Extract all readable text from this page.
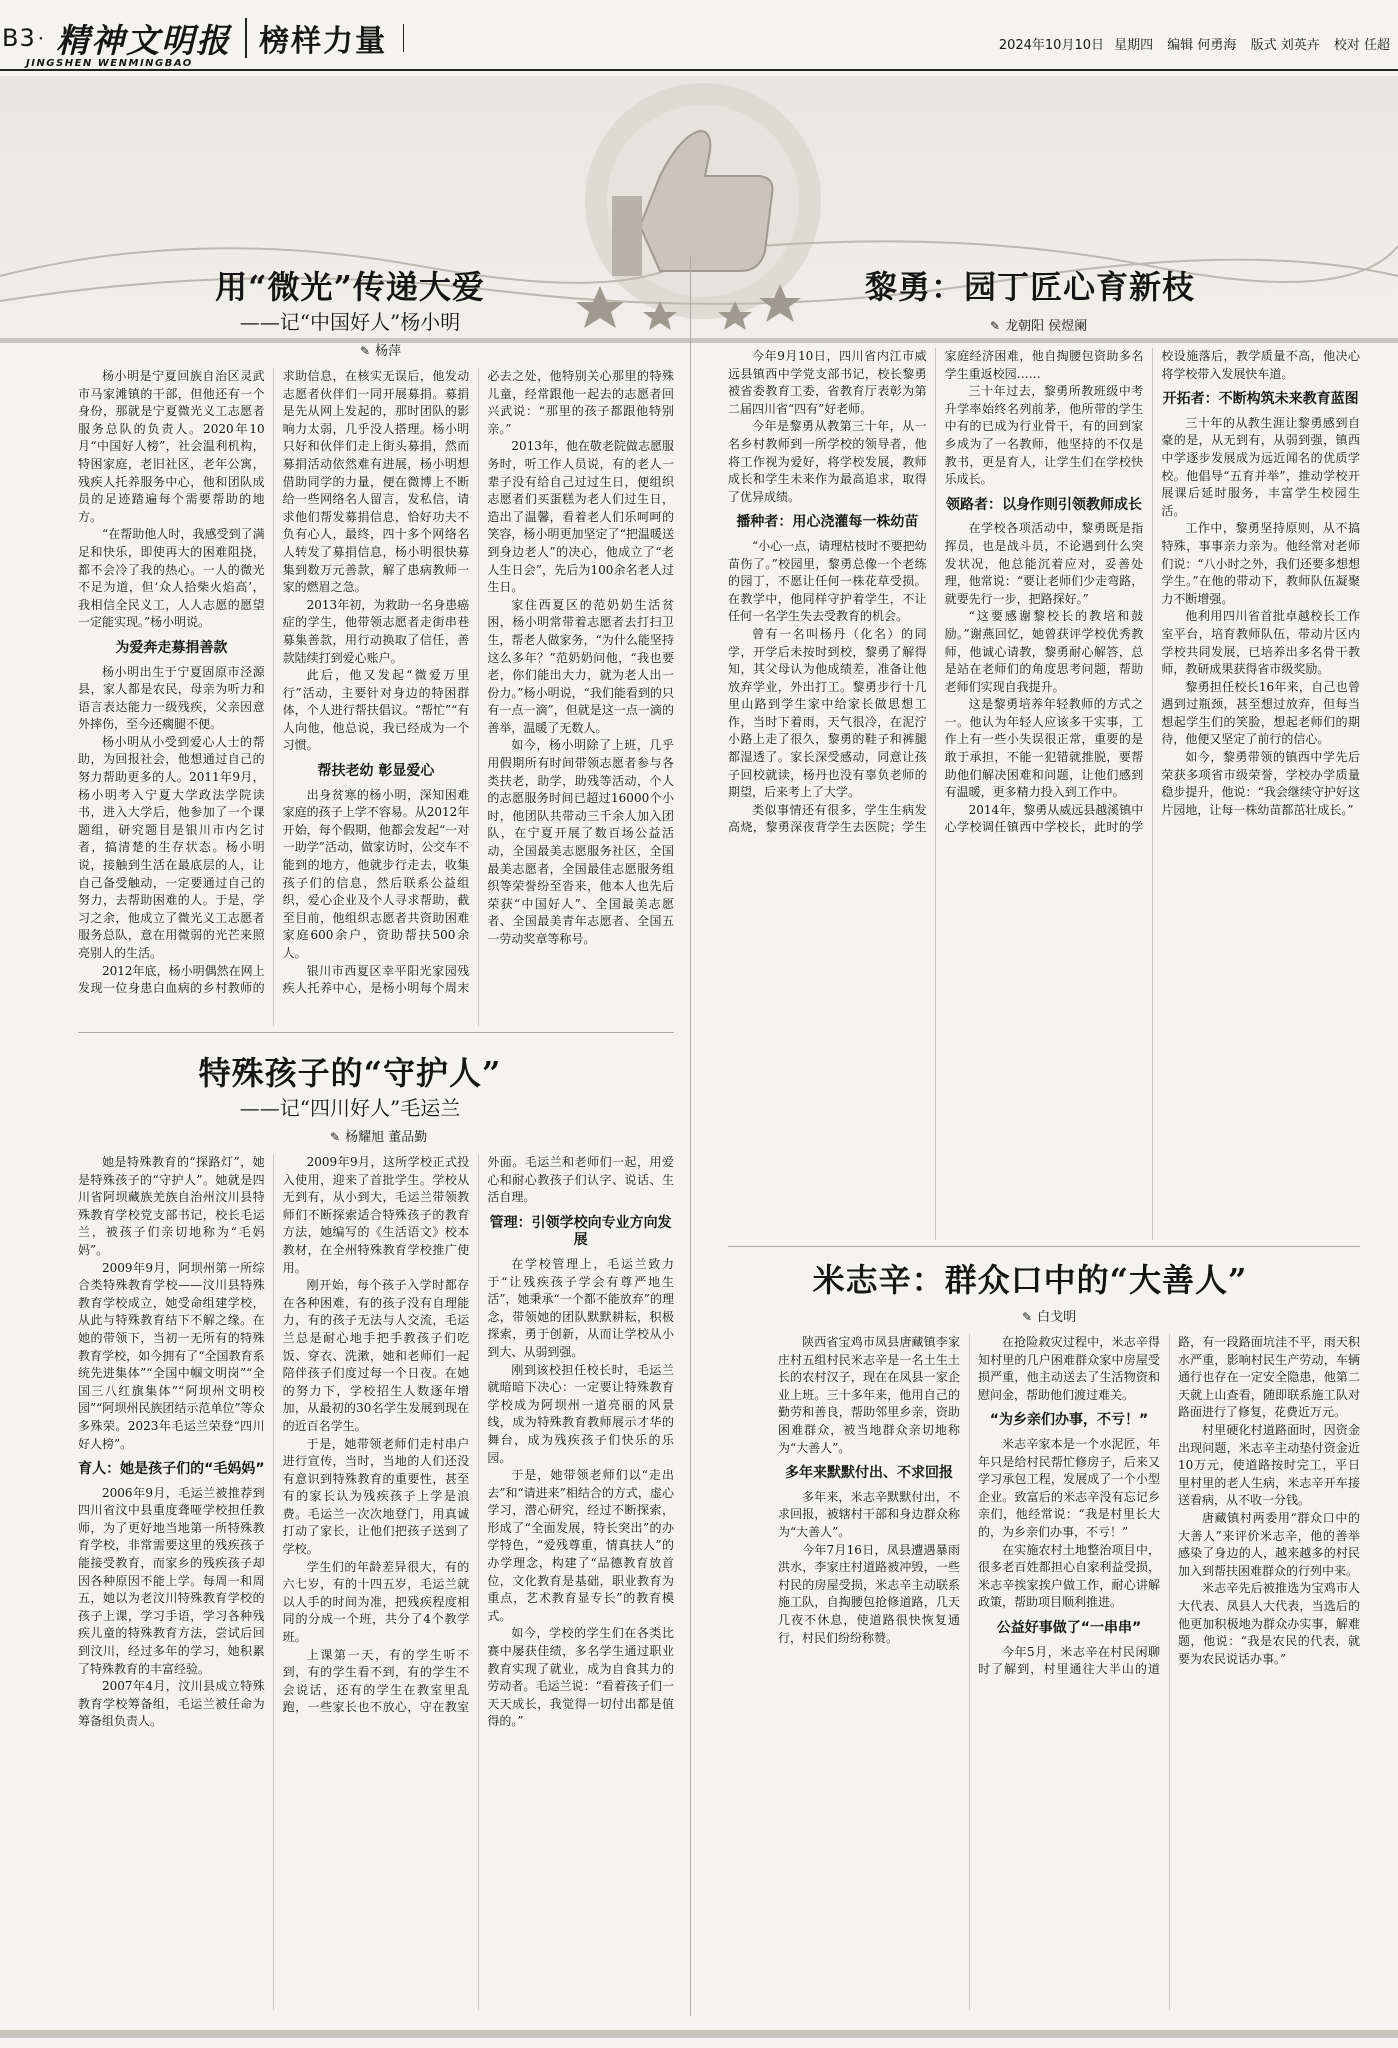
B3 · 精神文明报 榜样力量
JINGSHEN WENMINGBAO
2024年10月10日 星期四 编辑 何勇海 版式 刘英卉 校对 任超
用“微光”传递大爱
——记“中国好人”杨小明
✎ 杨萍

杨小明是宁夏回族自治区灵武市马家滩镇的干部，但他还有一个身份，那就是宁夏微光义工志愿者服务总队的负责人。2020年10月“中国好人榜”，社会温利机构，特困家庭，老旧社区，老年公寓，残疾人托养服务中心，他和团队成员的足迹踏遍每个需要帮助的地方。

“在帮助他人时，我感受到了满足和快乐，即使再大的困难阻挠，都不会冷了我的热心。一人的微光不足为道，但‘众人拾柴火焰高’，我相信全民义工，人人志愿的愿望一定能实现。”杨小明说。

为爱奔走募捐善款

杨小明出生于宁夏固原市泾源县，家人都是农民，母亲为听力和语言表达能力一级残疾，父亲因意外摔伤，至今还瘸腿不便。

杨小明从小受到爱心人士的帮助，为回报社会，他想通过自己的努力帮助更多的人。2011年9月，杨小明考入宁夏大学政法学院读书，进入大学后，他参加了一个课题组，研究题目是银川市内乞讨者，搞清楚的生存状态。杨小明说，接触到生活在最底层的人，让自己备受触动，一定要通过自己的努力，去帮助困难的人。于是，学习之余，他成立了微光义工志愿者服务总队，意在用微弱的光芒来照亮别人的生活。

2012年底，杨小明偶然在网上发现一位身患白血病的乡村教师的求助信息，在核实无误后，他发动志愿者伙伴们一同开展募捐。募捐是先从网上发起的，那时团队的影响力太弱，几乎没人搭理。杨小明只好和伙伴们走上街头募捐，然而募捐活动依然难有进展，杨小明想借助同学的力量，便在微博上不断给一些网络名人留言，发私信，请求他们帮发募捐信息，恰好功夫不负有心人，最终，四十多个网络名人转发了募捐信息，杨小明很快募集到数万元善款，解了患病教师一家的燃眉之急。

2013年初，为救助一名身患癌症的学生，他带领志愿者走街串巷募集善款，用行动换取了信任，善款陆续打到爱心账户。

此后，他又发起“微爱万里行”活动，主要针对身边的特困群体，个人进行帮扶倡议。“帮忙”“有人向他，他总说，我已经成为一个习惯。

帮扶老幼 彰显爱心

出身贫寒的杨小明，深知困难家庭的孩子上学不容易。从2012年开始，每个假期，他都会发起“一对一助学”活动，做家访时，公交车不能到的地方，他就步行走去，收集孩子们的信息，然后联系公益组织，爱心企业及个人寻求帮助，截至目前，他组织志愿者共资助困难家庭600余户，资助帮扶500余人。

银川市西夏区幸平阳光家园残疾人托养中心，是杨小明每个周末必去之处，他特别关心那里的特殊儿童，经常跟他一起去的志愿者回兴武说：“那里的孩子都跟他特别亲。”

2013年，他在敬老院做志愿服务时，听工作人员说，有的老人一辈子没有给自己过过生日，便组织志愿者们买蛋糕为老人们过生日，造出了温馨，看着老人们乐呵呵的笑容，杨小明更加坚定了“把温暖送到身边老人”的决心，他成立了“老人生日会”，先后为100余名老人过生日。

家住西夏区的范奶奶生活贫困，杨小明常带着志愿者去打扫卫生，帮老人做家务，“为什么能坚持这么多年？”范奶奶问他，“我也要老，你们能出大力，就为老人出一份力。”杨小明说，“我们能看到的只有一点一滴”，但就是这一点一滴的善举，温暖了无数人。

如今，杨小明除了上班，几乎用假期所有时间带领志愿者参与各类扶老，助学，助残等活动，个人的志愿服务时间已超过16000个小时，他团队共带动三千余人加入团队，在宁夏开展了数百场公益活动，全国最美志愿服务社区，全国最美志愿者，全国最佳志愿服务组织等荣誉纷至沓来，他本人也先后荣获“中国好人”、全国最美志愿者、全国最美青年志愿者、全国五一劳动奖章等称号。

特殊孩子的“守护人”
——记“四川好人”毛运兰
✎ 杨耀旭 董品勤

她是特殊教育的“探路灯”，她是特殊孩子的“守护人”。她就是四川省阿坝藏族羌族自治州汶川县特殊教育学校党支部书记，校长毛运兰，被孩子们亲切地称为“毛妈妈”。

2009年9月，阿坝州第一所综合类特殊教育学校——汶川县特殊教育学校成立，她受命组建学校，从此与特殊教育结下不解之缘。在她的带领下，当初一无所有的特殊教育学校，如今拥有了“全国教育系统先进集体”“全国中帼文明岗”“全国三八红旗集体”“阿坝州文明校园”“阿坝州民族团结示范单位”等众多殊荣。2023年毛运兰荣登“四川好人榜”。

育人：她是孩子们的“毛妈妈”

2006年9月，毛运兰被推荐到四川省汶中县重度聋哑学校担任教师，为了更好地当地第一所特殊教育学校，非常需要这里的残疾孩子能接受教育，而家乡的残疾孩子却因各种原因不能上学。每周一和周五，她以为老汶川特殊教育学校的孩子上课，学习手语，学习各种残疾儿童的特殊教育方法，尝试后回到汶川，经过多年的学习，她积累了特殊教育的丰富经验。

2007年4月，汶川县成立特殊教育学校筹备组，毛运兰被任命为筹备组负责人。

2009年9月，这所学校正式投入使用，迎来了首批学生。学校从无到有，从小到大，毛运兰带领教师们不断探索适合特殊孩子的教育方法，她编写的《生活语文》校本教材，在全州特殊教育学校推广使用。

刚开始，每个孩子入学时都存在各种困难，有的孩子没有自理能力，有的孩子无法与人交流，毛运兰总是耐心地手把手教孩子们吃饭、穿衣、洗漱，她和老师们一起陪伴孩子们度过每一个日夜。在她的努力下，学校招生人数逐年增加，从最初的30名学生发展到现在的近百名学生。

于是，她带领老师们走村串户进行宣传，当时，当地的人们还没有意识到特殊教育的重要性，甚至有的家长认为残疾孩子上学是浪费。毛运兰一次次地登门，用真诚打动了家长，让他们把孩子送到了学校。

学生们的年龄差异很大，有的六七岁，有的十四五岁，毛运兰就以人手的时间为准，把残疾程度相同的分成一个班，共分了4个教学班。

上课第一天，有的学生听不到，有的学生看不到，有的学生不会说话，还有的学生在教室里乱跑，一些家长也不放心，守在教室外面。毛运兰和老师们一起，用爱心和耐心教孩子们认字、说话、生活自理。

管理：引领学校向专业方向发展

在学校管理上，毛运兰致力于“让残疾孩子学会有尊严地生活”，她秉承“一个都不能放弃”的理念，带领她的团队默默耕耘，积极探索，勇于创新，从而让学校从小到大、从弱到强。

刚到该校担任校长时，毛运兰就暗暗下决心：一定要让特殊教育学校成为阿坝州一道亮丽的风景线，成为特殊教育教师展示才华的舞台，成为残疾孩子们快乐的乐园。

于是，她带领老师们以“走出去”和“请进来”相结合的方式，虚心学习，潜心研究，经过不断探索，形成了“全面发展，特长突出”的办学特色，“爱残尊重，情真扶人”的办学理念，构建了“品德教育放首位，文化教育是基础，职业教育为重点，艺术教育显专长”的教育模式。

如今，学校的学生们在各类比赛中屡获佳绩，多名学生通过职业教育实现了就业，成为自食其力的劳动者。毛运兰说：“看着孩子们一天天成长，我觉得一切付出都是值得的。”

黎勇：园丁匠心育新枝
✎ 龙朝阳 侯煜阑

今年9月10日，四川省内江市威远县镇西中学党支部书记，校长黎勇被省委教育工委，省教育厅表彰为第二届四川省“四有”好老师。

今年是黎勇从教第三十年，从一名乡村教师到一所学校的领导者，他将工作视为爱好，将学校发展，教师成长和学生未来作为最高追求，取得了优异成绩。

播种者：用心浇灌每一株幼苗

“小心一点，请理枯枝时不要把幼苗伤了。”校园里，黎勇总像一个老练的园丁，不愿让任何一株花草受损。在教学中，他同样守护着学生，不让任何一名学生失去受教育的机会。

曾有一名叫杨丹（化名）的同学，开学后未按时到校，黎勇了解得知，其父母认为他成绩差，准备让他放弃学业，外出打工。黎勇步行十几里山路到学生家中给家长做思想工作，当时下着雨，天气很冷，在泥泞小路上走了很久，黎勇的鞋子和裤腿都湿透了。家长深受感动，同意让孩子回校就读，杨丹也没有辜负老师的期望，后来考上了大学。

类似事情还有很多，学生生病发高烧，黎勇深夜背学生去医院；学生家庭经济困难，他自掏腰包资助多名学生重返校园……

三十年过去，黎勇所教班级中考升学率始终名列前茅，他所带的学生中有的已成为行业骨干，有的回到家乡成为了一名教师，他坚持的不仅是教书，更是育人，让学生们在学校快乐成长。

领路者：以身作则引领教师成长

在学校各项活动中，黎勇既是指挥员，也是战斗员，不论遇到什么突发状况，他总能沉着应对，妥善处理，他常说：“要让老师们少走弯路，就要先行一步，把路探好。”

“这要感谢黎校长的教培和鼓励。”谢燕回忆，她曾获评学校优秀教师，他诚心请教，黎勇耐心解答，总是站在老师们的角度思考问题，帮助老师们实现自我提升。

这是黎勇培养年轻教师的方式之一。他认为年轻人应该多干实事，工作上有一些小失误很正常，重要的是敢于承担，不能一犯错就推脱，要帮助他们解决困难和问题，让他们感到有温暖，更多精力投入到工作中。

2014年，黎勇从威远县越溪镇中心学校调任镇西中学校长，此时的学校设施落后，教学质量不高，他决心将学校带入发展快车道。

开拓者：不断构筑未来教育蓝图

三十年的从教生涯让黎勇感到自豪的是，从无到有，从弱到强，镇西中学逐步发展成为远近闻名的优质学校。他倡导“五育并举”，推动学校开展课后延时服务，丰富学生校园生活。

工作中，黎勇坚持原则，从不搞特殊，事事亲力亲为。他经常对老师们说：“八小时之外，我们还要多想想学生。”在他的带动下，教师队伍凝聚力不断增强。

他利用四川省首批卓越校长工作室平台，培育教师队伍，带动片区内学校共同发展，已培养出多名骨干教师，教研成果获得省市级奖励。

黎勇担任校长16年来，自己也曾遇到过瓶颈，甚至想过放弃，但每当想起学生们的笑脸，想起老师们的期待，他便又坚定了前行的信心。

如今，黎勇带领的镇西中学先后荣获多项省市级荣誉，学校办学质量稳步提升，他说：“我会继续守护好这片园地，让每一株幼苗都茁壮成长。”

米志辛：群众口中的“大善人”
✎ 白戈明

陕西省宝鸡市凤县唐藏镇李家庄村五组村民米志辛是一名土生土长的农村汉子，现在在凤县一家企业上班。三十多年来，他用自己的勤劳和善良，帮助邻里乡亲，资助困难群众，被当地群众亲切地称为“大善人”。

多年来默默付出、不求回报

多年来，米志辛默默付出，不求回报，被辖村干部和身边群众称为“大善人”。

今年7月16日，凤县遭遇暴雨洪水，李家庄村道路被冲毁，一些村民的房屋受损，米志辛主动联系施工队，自掏腰包抢修道路，几天几夜不休息，使道路很快恢复通行，村民们纷纷称赞。

在抢险救灾过程中，米志辛得知村里的几户困难群众家中房屋受损严重，他主动送去了生活物资和慰问金，帮助他们渡过难关。

“为乡亲们办事，不亏！”

米志辛家本是一个水泥匠，年年只是给村民帮忙修房子，后来又学习承包工程，发展成了一个小型企业。致富后的米志辛没有忘记乡亲们，他经常说：“我是村里长大的，为乡亲们办事，不亏！”

在实施农村土地整治项目中，很多老百姓都担心自家利益受损，米志辛挨家挨户做工作，耐心讲解政策，帮助项目顺利推进。

公益好事做了“一串串”

今年5月，米志辛在村民闲聊时了解到，村里通往大半山的道路，有一段路面坑洼不平，雨天积水严重，影响村民生产劳动，车辆通行也存在一定安全隐患，他第二天就上山查看，随即联系施工队对路面进行了修复，花费近万元。

村里硬化村道路面时，因资金出现问题，米志辛主动垫付资金近10万元，使道路按时完工，平日里村里的老人生病，米志辛开车接送看病，从不收一分钱。

唐藏镇村两委用“群众口中的大善人”来评价米志辛，他的善举感染了身边的人，越来越多的村民加入到帮扶困难群众的行列中来。

米志辛先后被推选为宝鸡市人大代表、凤县人大代表，当选后的他更加积极地为群众办实事，解难题，他说：“我是农民的代表，就要为农民说话办事。”
